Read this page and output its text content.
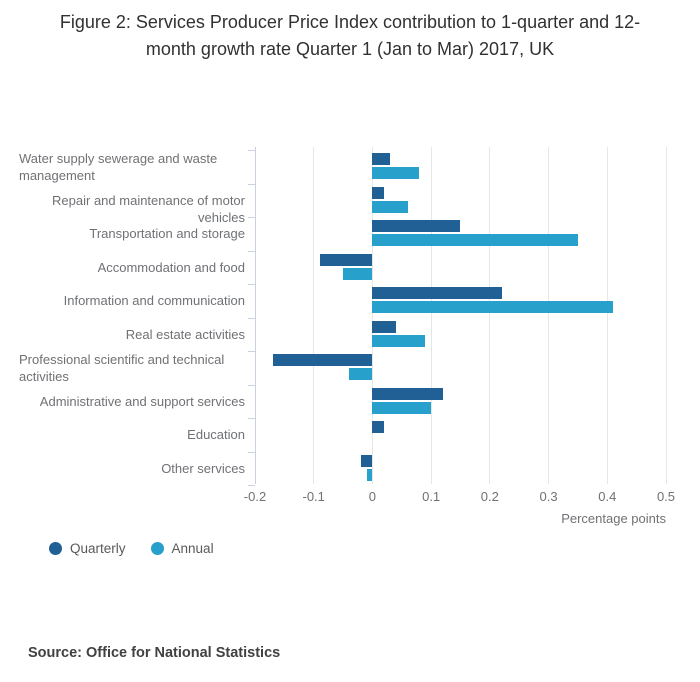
Figure 2: Services Producer Price Index contribution to 1-quarter and 12-
month growth rate Quarter 1 (Jan to Mar) 2017, UK
Percentage points
Quarterly	Annual
Source: Office for National Statistics
Water supply sewerage and waste
management
Repair and maintenance of motor vehicles
Transportation and storage
Accommodation and food
Information and communication
Real estate activities
Professional scientific and technical
activities
Administrative and support services
Education
Other services
-0.2	-0.1	0	0.1	0.2	0.3	0.4	0.5
